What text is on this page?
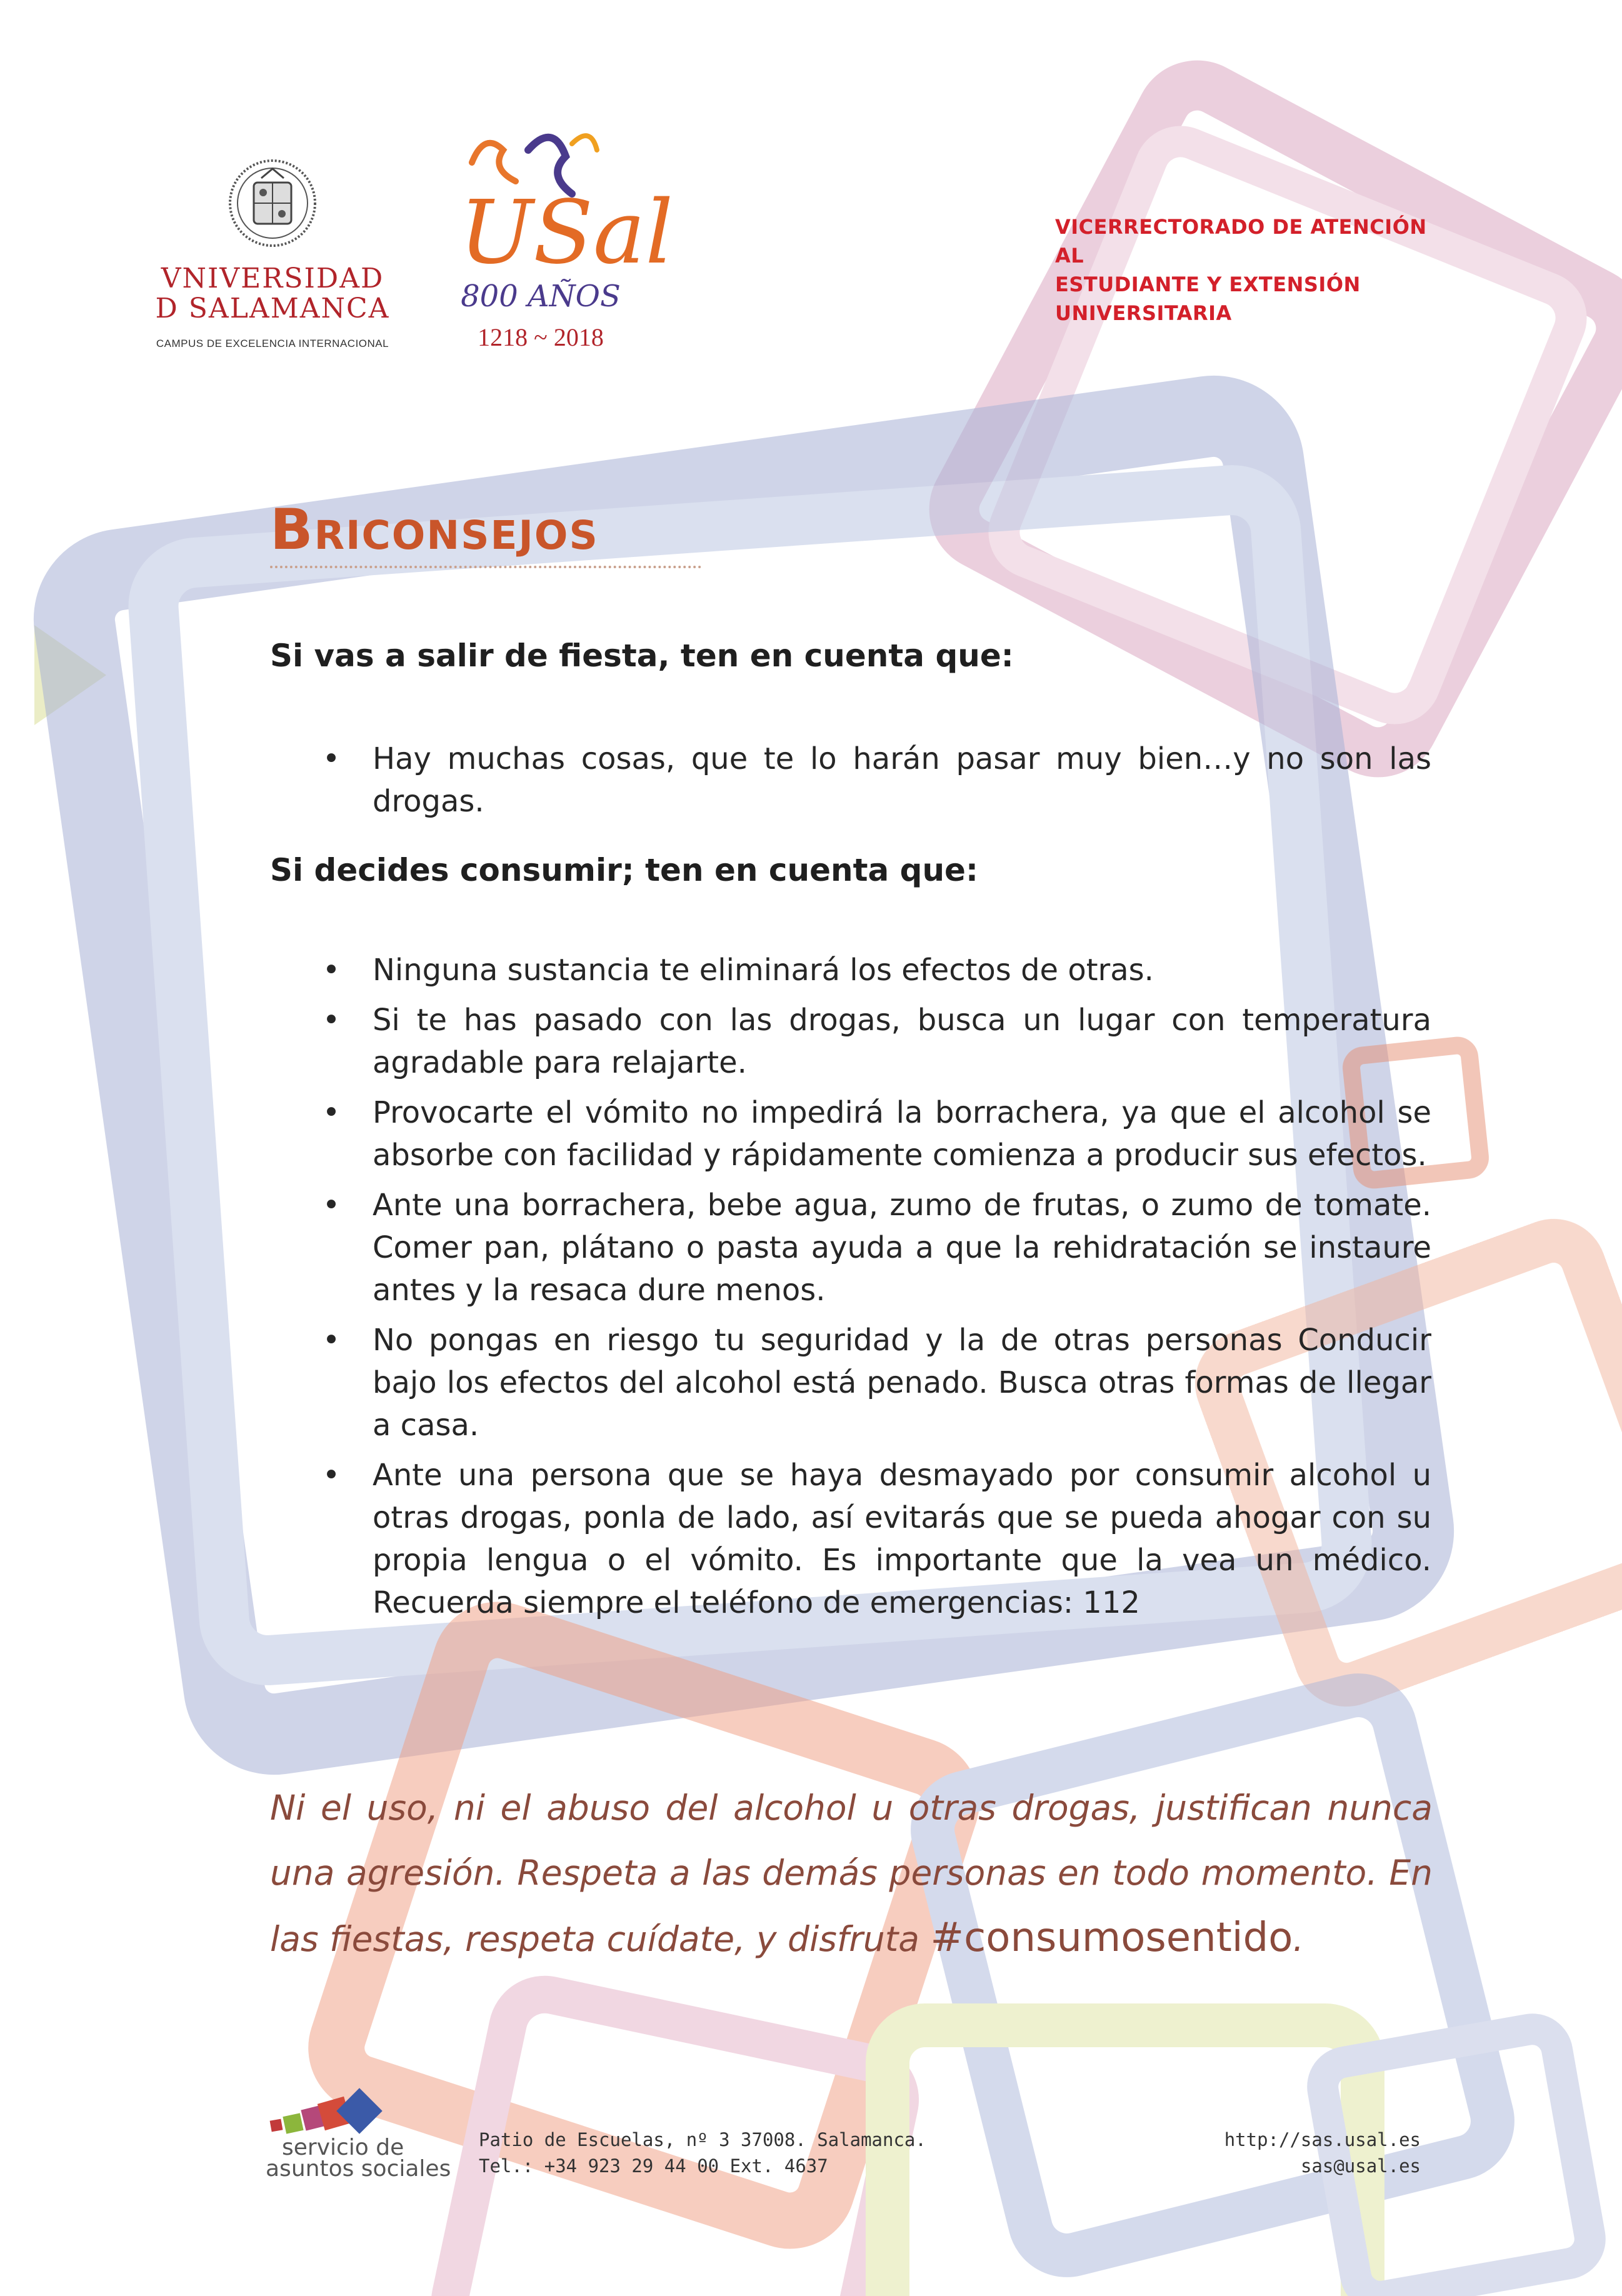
VNIVERSIDAD
D SALAMANCA
CAMPUS DE EXCELENCIA INTERNACIONAL
USal
800 AÑOS
1218 ~ 2018
VICERRECTORADO DE ATENCIÓN AL
ESTUDIANTE Y EXTENSIÓN
UNIVERSITARIA
Briconsejos
Si vas a salir de fiesta, ten en cuenta que:
• Hay muchas cosas, que te lo harán pasar muy bien…y no son las drogas.
Si decides consumir; ten en cuenta que:
• Ninguna sustancia te eliminará los efectos de otras.
• Si te has pasado con las drogas, busca un lugar con temperatura agradable para relajarte.
• Provocarte el vómito no impedirá la borrachera, ya que el alcohol se absorbe con facilidad y rápidamente comienza a producir sus efectos.
• Ante una borrachera, bebe agua, zumo de frutas, o zumo de tomate. Comer pan, plátano o pasta ayuda a que la rehidratación se instaure antes y la resaca dure menos.
• No pongas en riesgo tu seguridad y la de otras personas Conducir bajo los efectos del alcohol está penado. Busca otras formas de llegar a casa.
• Ante una persona que se haya desmayado por consumir alcohol u otras drogas, ponla de lado, así evitarás que se pueda ahogar con su propia lengua o el vómito. Es importante que la vea un médico. Recuerda siempre el teléfono de emergencias: 112
Ni el uso, ni el abuso del alcohol u otras drogas, justifican nunca una agresión. Respeta a las demás personas en todo momento. En las fiestas, respeta cuídate, y disfruta #consumosentido.
servicio de
asuntos sociales
Patio de Escuelas, nº 3 37008. Salamanca.
Tel.: +34 923 29 44 00 Ext. 4637
http://sas.usal.es
sas@usal.es
